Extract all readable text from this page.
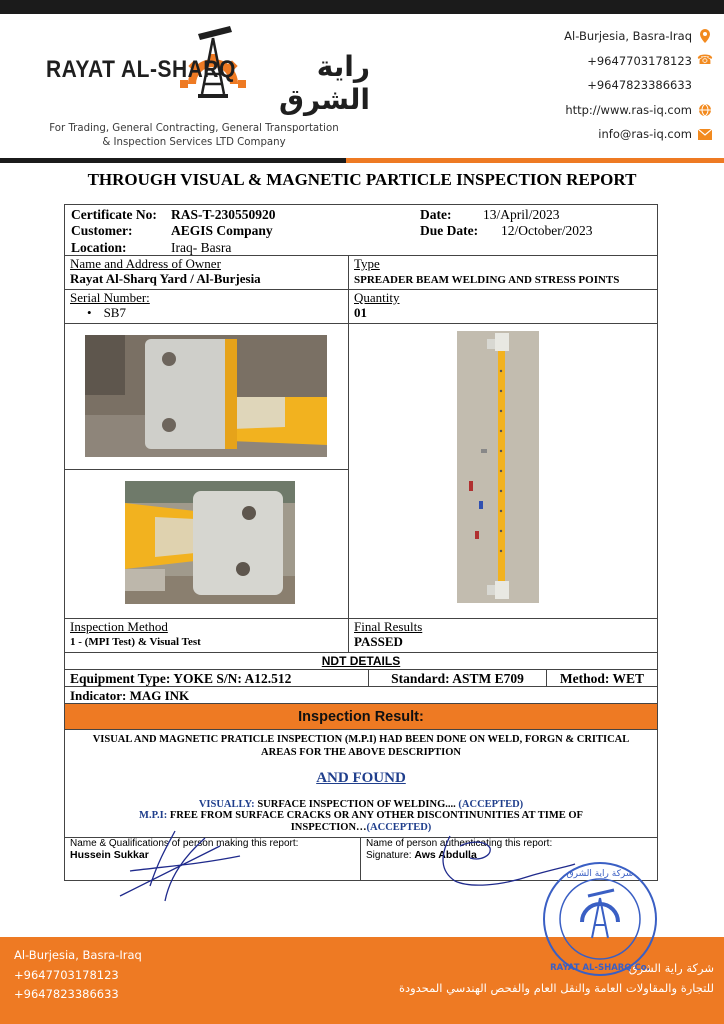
RAYAT AL-SHARQ	راية الشرق
For Trading, General Contracting, General Transportation
& Inspection Services LTD Company
Al-Burjesia, Basra-Iraq
+9647703178123 ☎
+9647823386633
http://www.ras-iq.com
info@ras-iq.com
THROUGH VISUAL & MAGNETIC PARTICLE INSPECTION REPORT
Certificate No: RAS-T-230550920
Customer:	AEGIS Company
Location:	Iraq- Basra
Date: 13/April/2023
Due Date: 12/October/2023
Name and Address of Owner
Rayat Al-Sharq Yard / Al-Burjesia
Type
SPREADER BEAM WELDING AND STRESS POINTS
Serial Number:
• SB7
Quantity
01
Inspection Method
1 - (MPI Test) & Visual Test
Final Results
PASSED
NDT DETAILS
Equipment Type: YOKE S/N: A12.512	Standard: ASTM E709	Method: WET
Indicator: MAG INK
Inspection Result:
VISUAL AND MAGNETIC PRATICLE INSPECTION (M.P.I) HAD BEEN DONE ON WELD, FORGN & CRITICAL AREAS FOR THE ABOVE DESCRIPTION
AND FOUND
VISUALLY: SURFACE INSPECTION OF WELDING.... (ACCEPTED)
M.P.I: FREE FROM SURFACE CRACKS OR ANY OTHER DISCONTINUNITIES AT TIME OF INSPECTION…(ACCEPTED)
Name & Qualifications of person making this report:
Hussein Sukkar
Name of person authenticating this report:
Signature: Aws Abdulla
Al-Burjesia, Basra-Iraq
+9647703178123
+9647823386633
شركة راية الشرق
للتجارة والمقاولات العامة والنقل العام والفحص الهندسي المحدودة
شركة راية الشرق
RAYAT AL-SHARQ Co.
